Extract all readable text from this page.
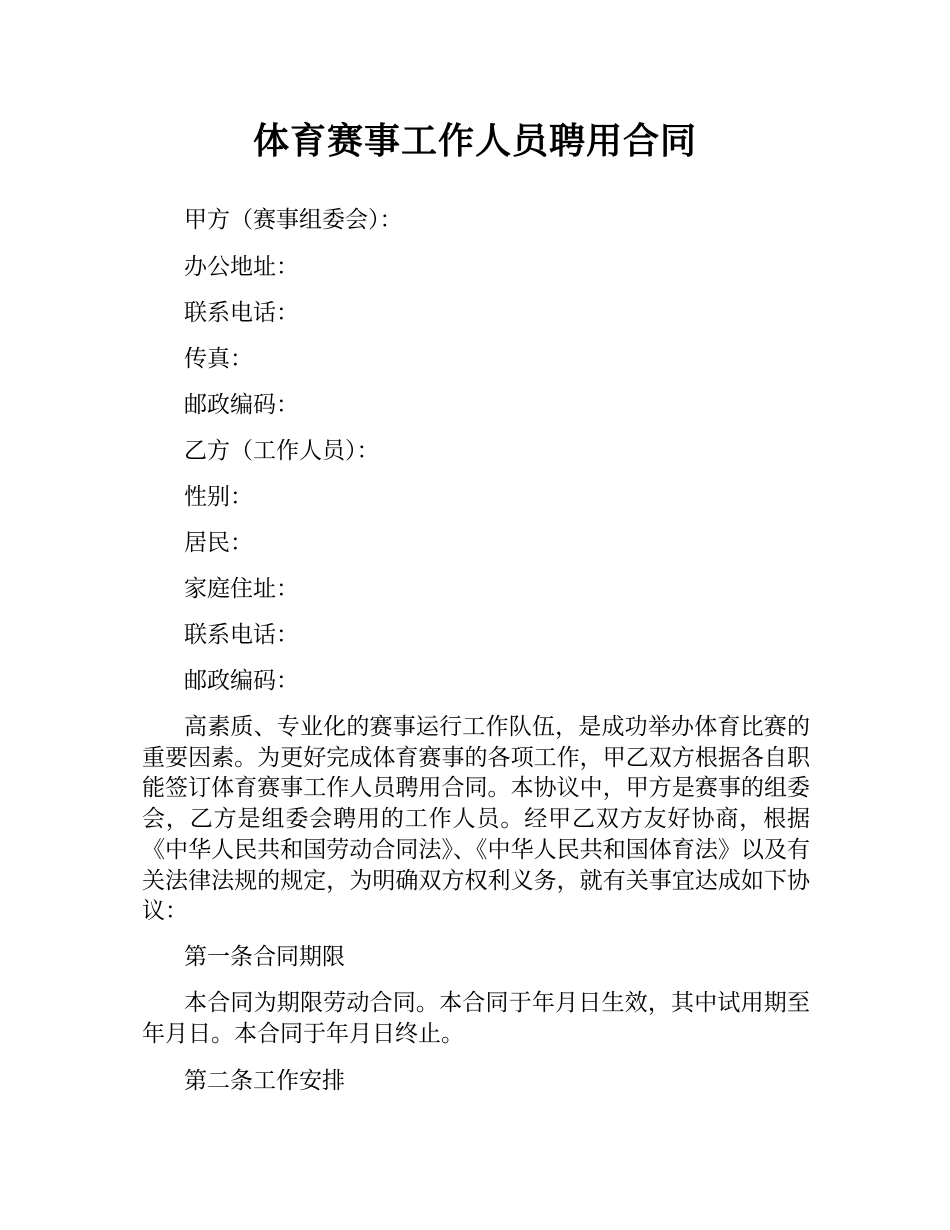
体育赛事工作人员聘用合同

甲方（赛事组委会）：

办公地址：

联系电话：

传真：

邮政编码：

乙方（工作人员）：

性别：

居民：

家庭住址：

联系电话：

邮政编码：

高素质、专业化的赛事运行工作队伍，是成功举办体育比赛的重要因素。为更好完成体育赛事的各项工作，甲乙双方根据各自职能签订体育赛事工作人员聘用合同。本协议中，甲方是赛事的组委会，乙方是组委会聘用的工作人员。经甲乙双方友好协商，根据《中华人民共和国劳动合同法》、《中华人民共和国体育法》以及有关法律法规的规定，为明确双方权利义务，就有关事宜达成如下协议：

第一条合同期限

本合同为期限劳动合同。本合同于年月日生效，其中试用期至年月日。本合同于年月日终止。

第二条工作安排
